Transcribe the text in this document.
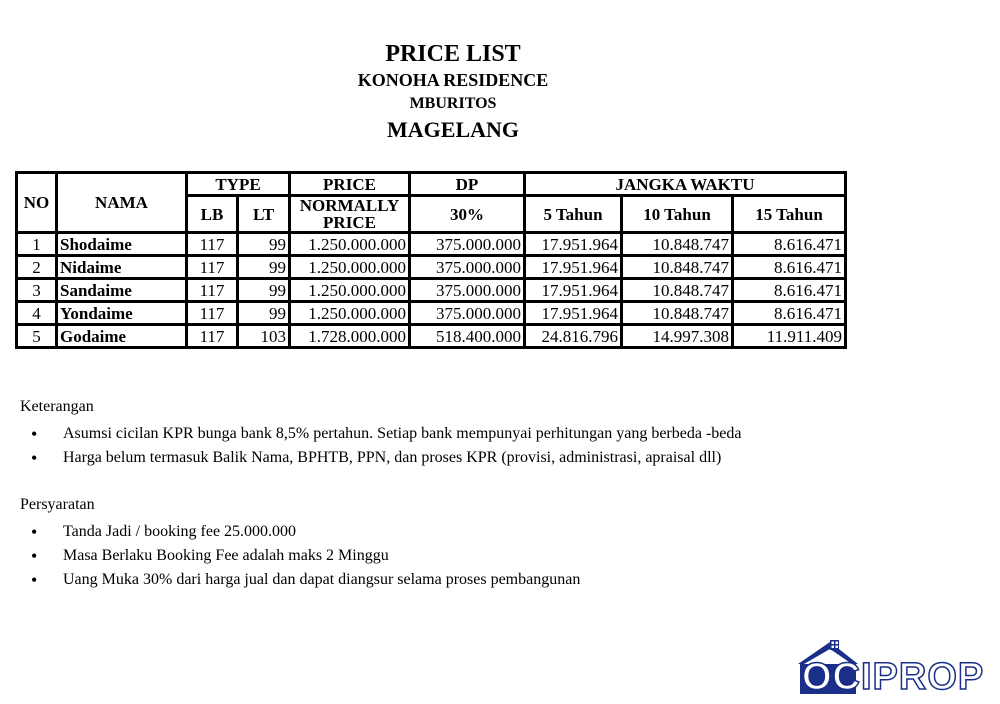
PRICE LIST
KONOHA RESIDENCE
MBURITOS
MAGELANG
NO	NAMA	TYPE		PRICE	DP	JANGKA WAKTU		
		LB	LT	NORMALLY PRICE	30%	5 Tahun	10 Tahun	15 Tahun
1	Shodaime	117	99	1.250.000.000	375.000.000	17.951.964	10.848.747	8.616.471
2	Nidaime	117	99	1.250.000.000	375.000.000	17.951.964	10.848.747	8.616.471
3	Sandaime	117	99	1.250.000.000	375.000.000	17.951.964	10.848.747	8.616.471
4	Yondaime	117	99	1.250.000.000	375.000.000	17.951.964	10.848.747	8.616.471
5	Godaime	117	103	1.728.000.000	518.400.000	24.816.796	14.997.308	11.911.409
Keterangan
• Asumsi cicilan KPR bunga bank 8,5% pertahun. Setiap bank mempunyai perhitungan yang berbeda -beda
• Harga belum termasuk Balik Nama, BPHTB, PPN, dan proses KPR (provisi, administrasi, apraisal dll)
Persyaratan
• Tanda Jadi / booking fee 25.000.000
• Masa Berlaku Booking Fee adalah maks 2 Minggu
• Uang Muka 30% dari harga jual dan dapat diangsur selama proses pembangunan
OCIPROP
